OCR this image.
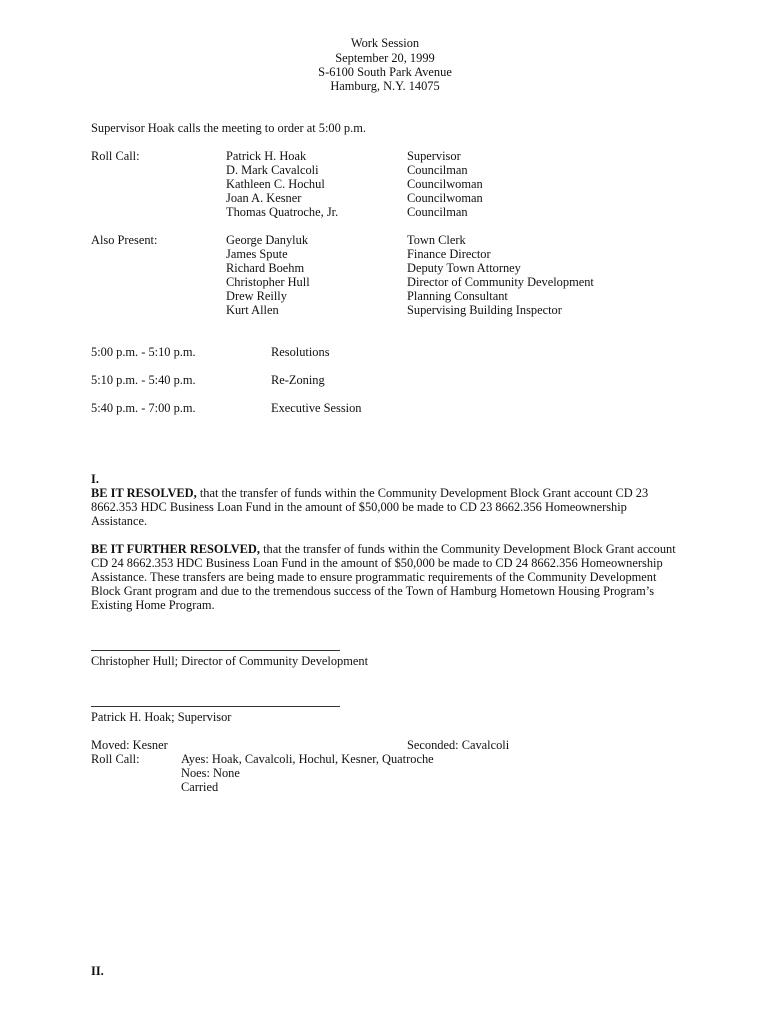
Work Session
September 20, 1999
S-6100 South Park Avenue
Hamburg, N.Y. 14075
Supervisor Hoak calls the meeting to order at 5:00 p.m.
Roll Call:	Patrick H. Hoak	Supervisor
D. Mark Cavalcoli	Councilman
Kathleen C. Hochul	Councilwoman
Joan A. Kesner	Councilwoman
Thomas Quatroche, Jr.	Councilman
Also Present:	George Danyluk	Town Clerk
James Spute	Finance Director
Richard Boehm	Deputy Town Attorney
Christopher Hull	Director of Community Development
Drew Reilly	Planning Consultant
Kurt Allen	Supervising Building Inspector
5:00 p.m. - 5:10 p.m.	Resolutions
5:10 p.m. - 5:40 p.m.	Re-Zoning
5:40 p.m. - 7:00 p.m.	Executive Session
I.
BE IT RESOLVED, that the transfer of funds within the Community Development Block Grant account CD 23 8662.353 HDC Business Loan Fund in the amount of $50,000 be made to CD 23 8662.356 Homeownership Assistance.
BE IT FURTHER RESOLVED, that the transfer of funds within the Community Development Block Grant account CD 24 8662.353 HDC Business Loan Fund in the amount of $50,000 be made to CD 24 8662.356 Homeownership Assistance. These transfers are being made to ensure programmatic requirements of the Community Development Block Grant program and due to the tremendous success of the Town of Hamburg Hometown Housing Program’s Existing Home Program.
Christopher Hull; Director of Community Development
Patrick H. Hoak; Supervisor
Moved: Kesner	Seconded: Cavalcoli
Roll Call:	Ayes: Hoak, Cavalcoli, Hochul, Kesner, Quatroche
Noes: None
Carried
II.
